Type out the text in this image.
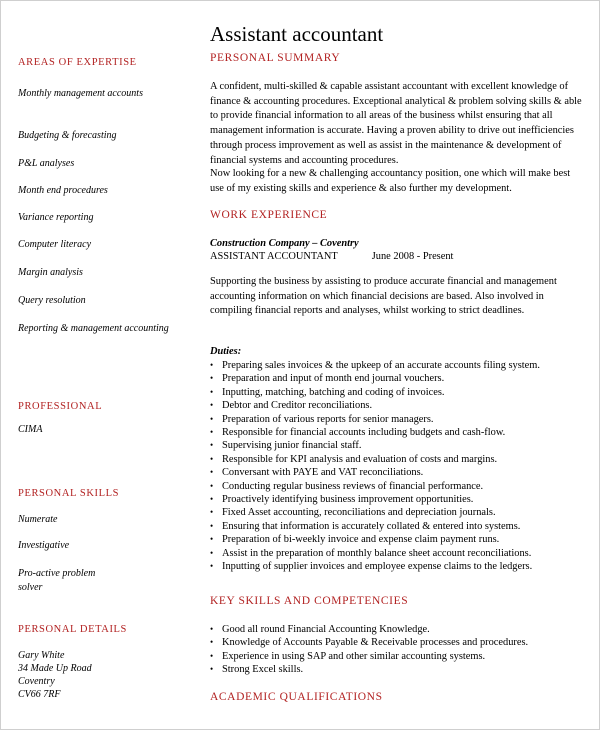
AREAS OF EXPERTISE
Monthly management accounts
Budgeting & forecasting
P&L analyses
Month end procedures
Variance reporting
Computer literacy
Margin analysis
Query resolution
Reporting & management accounting
PROFESSIONAL
CIMA
PERSONAL SKILLS
Numerate
Investigative
Pro-active problem solver
PERSONAL DETAILS
Gary White
34 Made Up Road
Coventry
CV66 7RF
Assistant accountant
PERSONAL SUMMARY
A confident, multi-skilled & capable assistant accountant with excellent knowledge of finance & accounting procedures. Exceptional analytical & problem solving skills & able to provide financial information to all areas of the business whilst ensuring that all management information is accurate. Having a proven ability to drive out inefficiencies through process improvement as well as assist in the maintenance & development of financial systems and accounting procedures.
Now looking for a new & challenging accountancy position, one which will make best use of my existing skills and experience & also further my development.
WORK EXPERIENCE
Construction Company – Coventry
ASSISTANT ACCOUNTANT	June 2008 - Present
Supporting the business by assisting to produce accurate financial and management accounting information on which financial decisions are based. Also involved in compiling financial reports and analyses, whilst working to strict deadlines.
Duties:
• Preparing sales invoices & the upkeep of an accurate accounts filing system.
• Preparation and input of month end journal vouchers.
• Inputting, matching, batching and coding of invoices.
• Debtor and Creditor reconciliations.
• Preparation of various reports for senior managers.
• Responsible for financial accounts including budgets and cash-flow.
• Supervising junior financial staff.
• Responsible for KPI analysis and evaluation of costs and margins.
• Conversant with PAYE and VAT reconciliations.
• Conducting regular business reviews of financial performance.
• Proactively identifying business improvement opportunities.
• Fixed Asset accounting, reconciliations and depreciation journals.
• Ensuring that information is accurately collated & entered into systems.
• Preparation of bi-weekly invoice and expense claim payment runs.
• Assist in the preparation of monthly balance sheet account reconciliations.
• Inputting of supplier invoices and employee expense claims to the ledgers.
KEY SKILLS AND COMPETENCIES
• Good all round Financial Accounting Knowledge.
• Knowledge of Accounts Payable & Receivable processes and procedures.
• Experience in using SAP and other similar accounting systems.
• Strong Excel skills.
ACADEMIC QUALIFICATIONS
